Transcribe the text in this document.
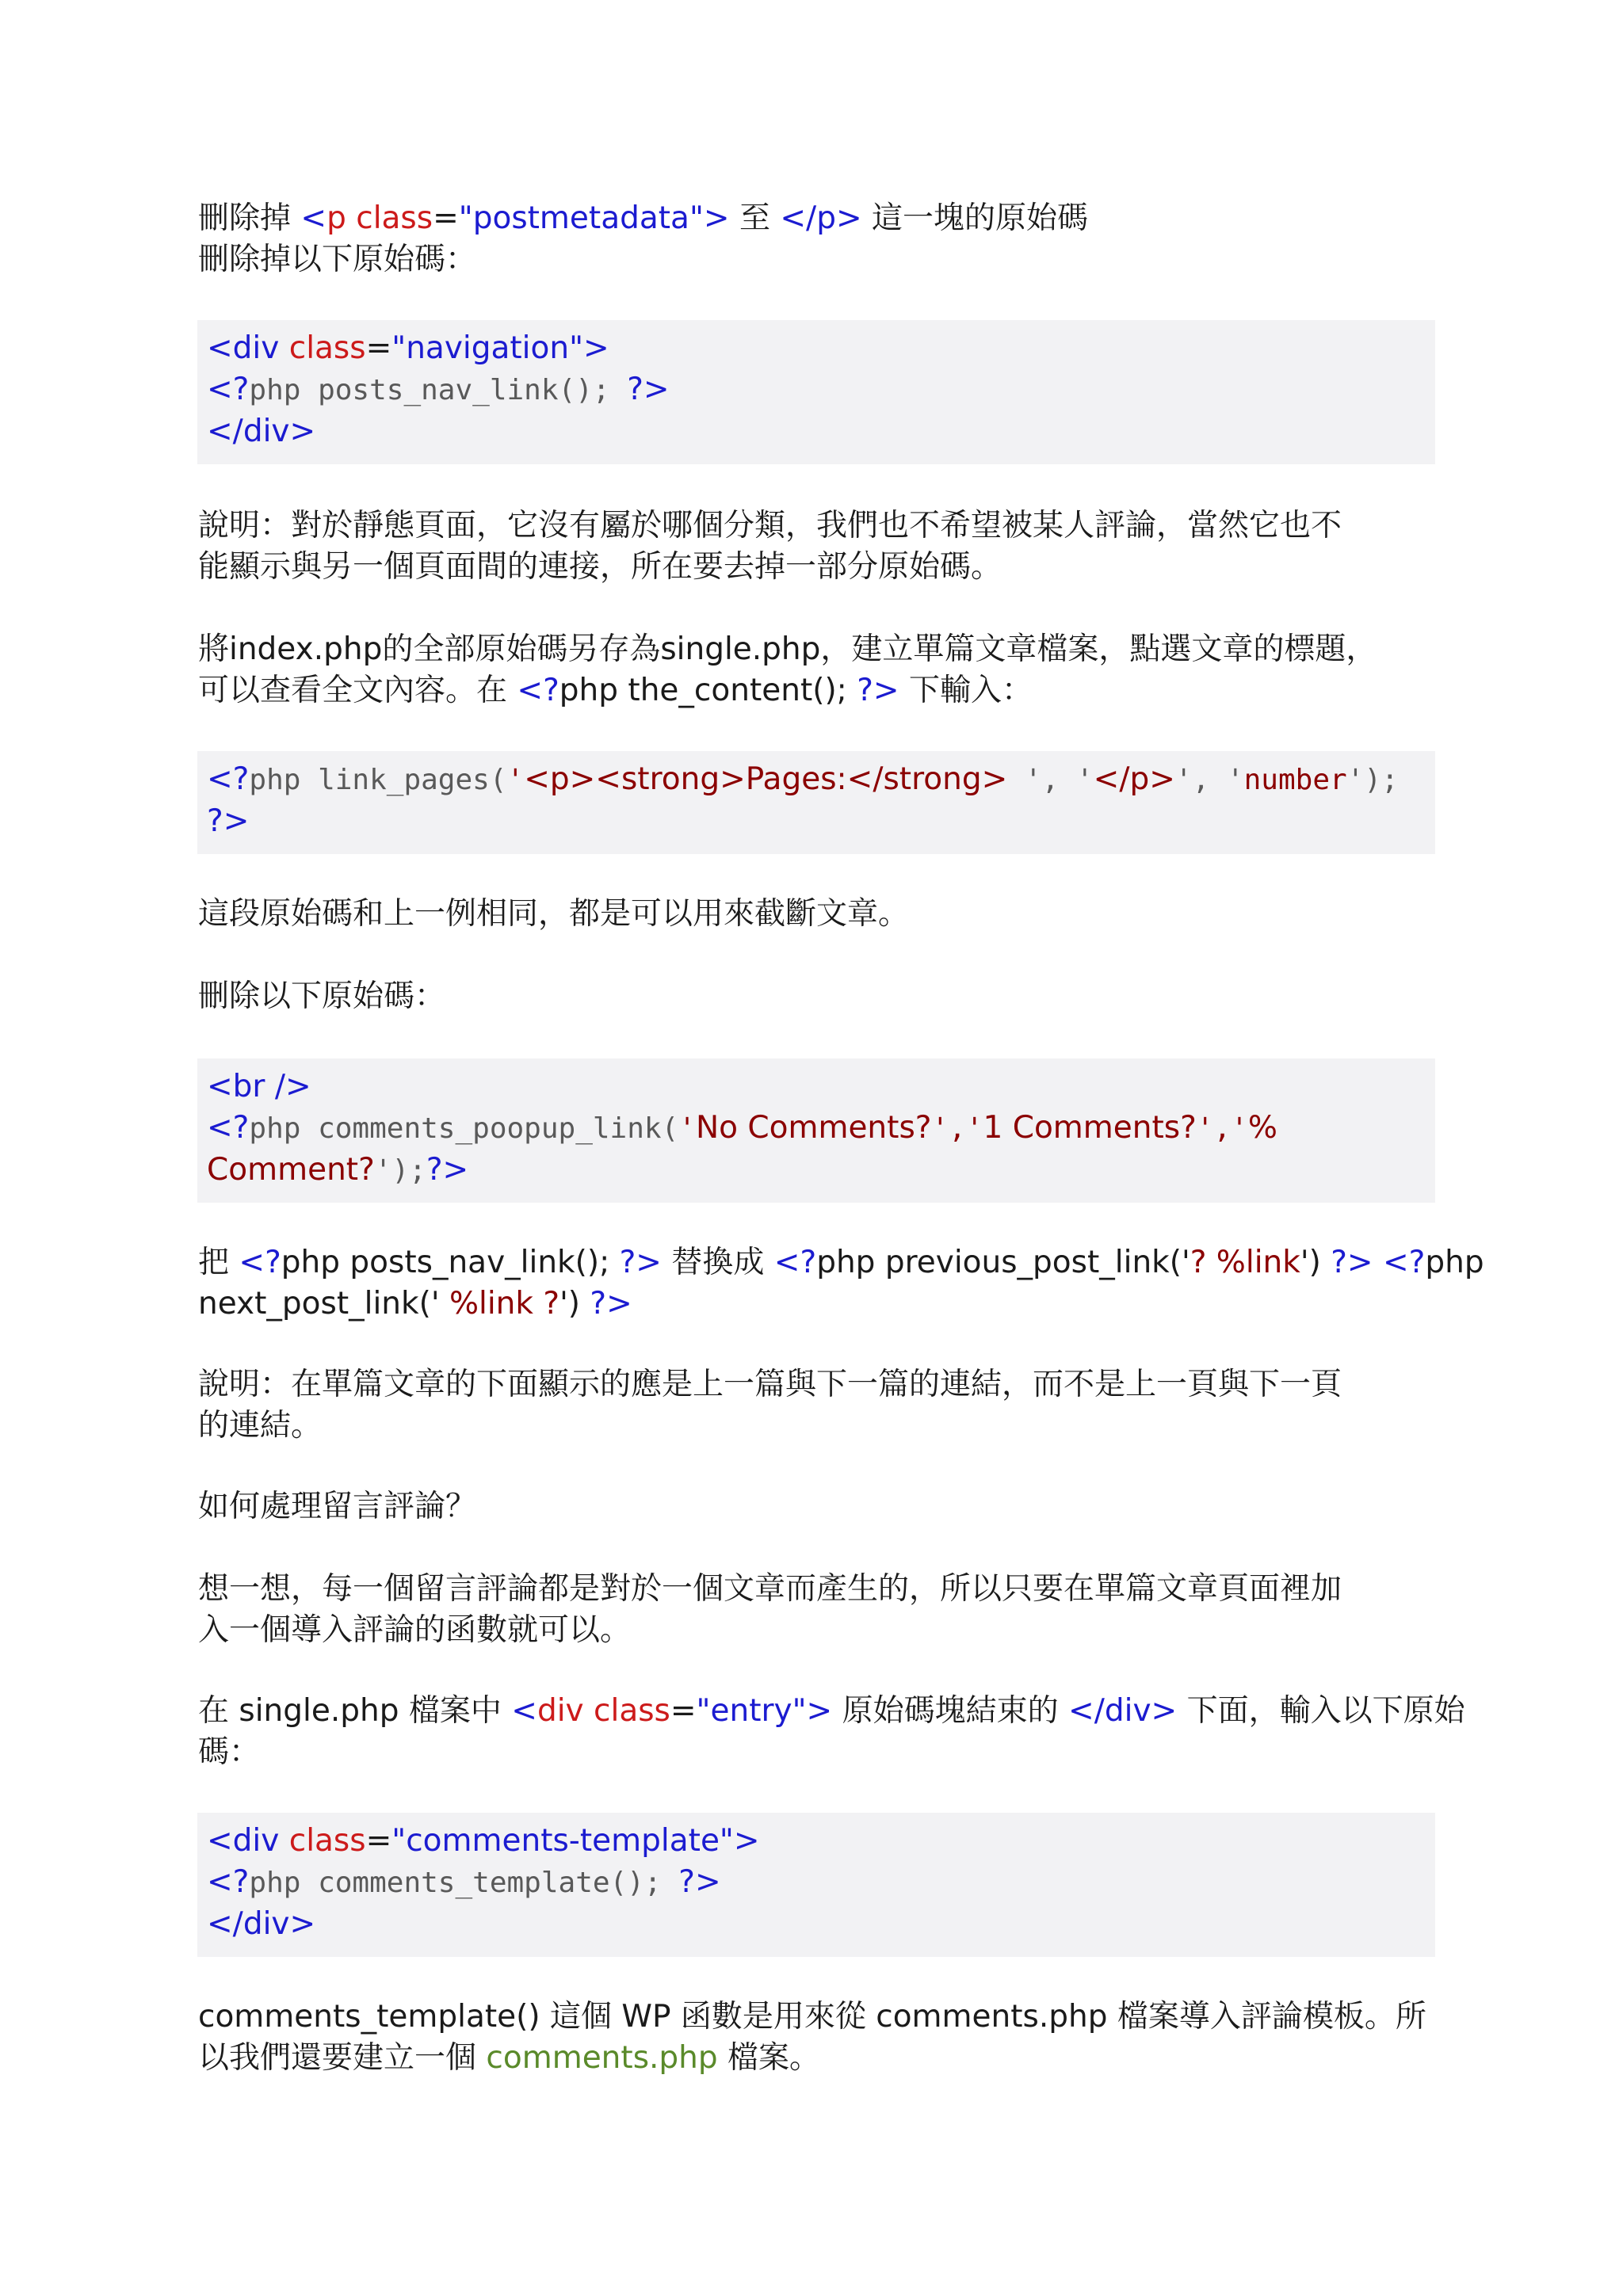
刪除掉 <p class="postmetadata"> 至 </p> 這一塊的原始碼
刪除掉以下原始碼：
<div class="navigation">
<?php posts_nav_link(); ?>
</div>
說明：對於靜態頁面，它沒有屬於哪個分類，我們也不希望被某人評論，當然它也不
能顯示與另一個頁面間的連接，所在要去掉一部分原始碼。
將index.php的全部原始碼另存為single.php，建立單篇文章檔案，點選文章的標題，
可以查看全文內容。在 <?php the_content(); ?> 下輸入：
<?php link_pages('<p><strong>Pages:</strong> ', '</p>', 'number');
?>
這段原始碼和上一例相同，都是可以用來截斷文章。
刪除以下原始碼：
<br />
<?php comments_poopup_link('No Comments?','1 Comments?','%
Comment?');?>
把 <?php posts_nav_link(); ?> 替換成 <?php previous_post_link('? %link') ?> <?php
next_post_link(' %link ?') ?>
說明：在單篇文章的下面顯示的應是上一篇與下一篇的連結，而不是上一頁與下一頁
的連結。
如何處理留言評論？
想一想，每一個留言評論都是對於一個文章而產生的，所以只要在單篇文章頁面裡加
入一個導入評論的函數就可以。
在 single.php 檔案中 <div class="entry"> 原始碼塊結束的 </div> 下面，輸入以下原始
碼：
<div class="comments-template">
<?php comments_template(); ?>
</div>
comments_template() 這個 WP 函數是用來從 comments.php 檔案導入評論模板。所
以我們還要建立一個 comments.php 檔案。
